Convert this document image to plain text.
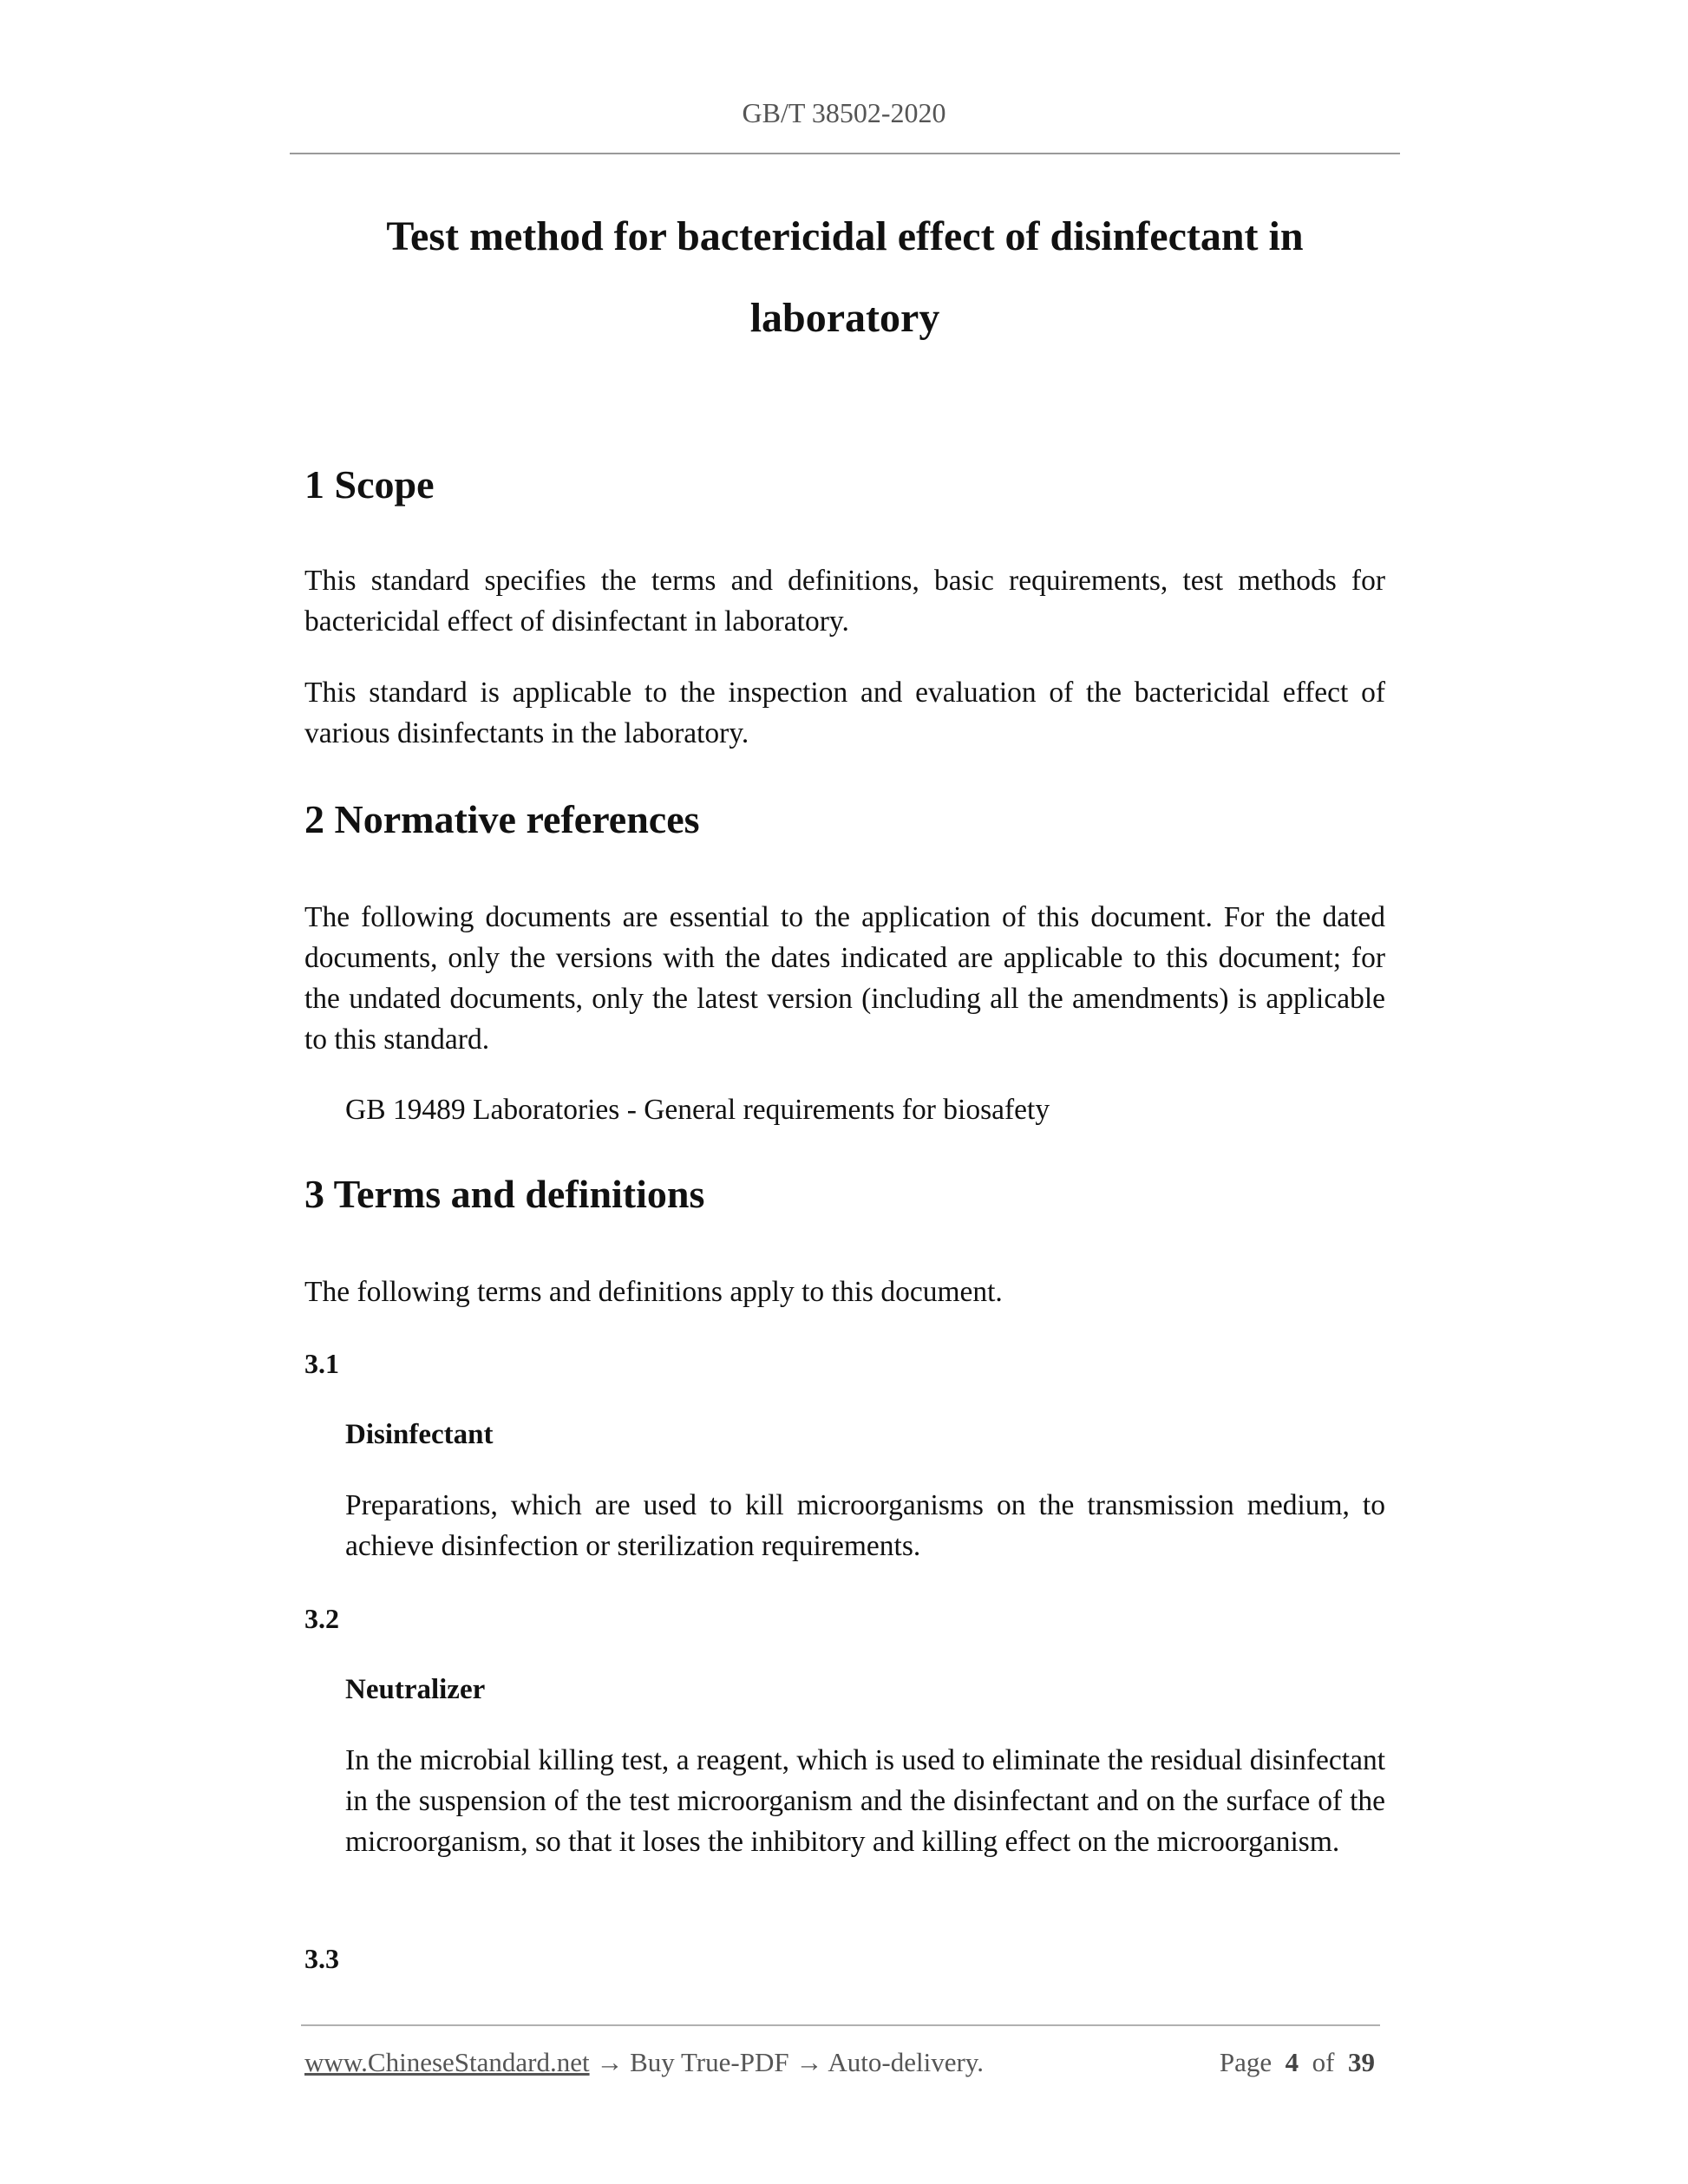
GB/T 38502-2020
Test method for bactericidal effect of disinfectant in
laboratory
1 Scope
This standard specifies the terms and definitions, basic requirements, test methods for bactericidal effect of disinfectant in laboratory.
This standard is applicable to the inspection and evaluation of the bactericidal effect of various disinfectants in the laboratory.
2 Normative references
The following documents are essential to the application of this document. For the dated documents, only the versions with the dates indicated are applicable to this document; for the undated documents, only the latest version (including all the amendments) is applicable to this standard.
GB 19489 Laboratories - General requirements for biosafety
3 Terms and definitions
The following terms and definitions apply to this document.
3.1
Disinfectant
Preparations, which are used to kill microorganisms on the transmission medium, to achieve disinfection or sterilization requirements.
3.2
Neutralizer
In the microbial killing test, a reagent, which is used to eliminate the residual disinfectant in the suspension of the test microorganism and the disinfectant and on the surface of the microorganism, so that it loses the inhibitory and killing effect on the microorganism.
3.3
www.ChineseStandard.net → Buy True-PDF → Auto-delivery.	Page 4 of 39
